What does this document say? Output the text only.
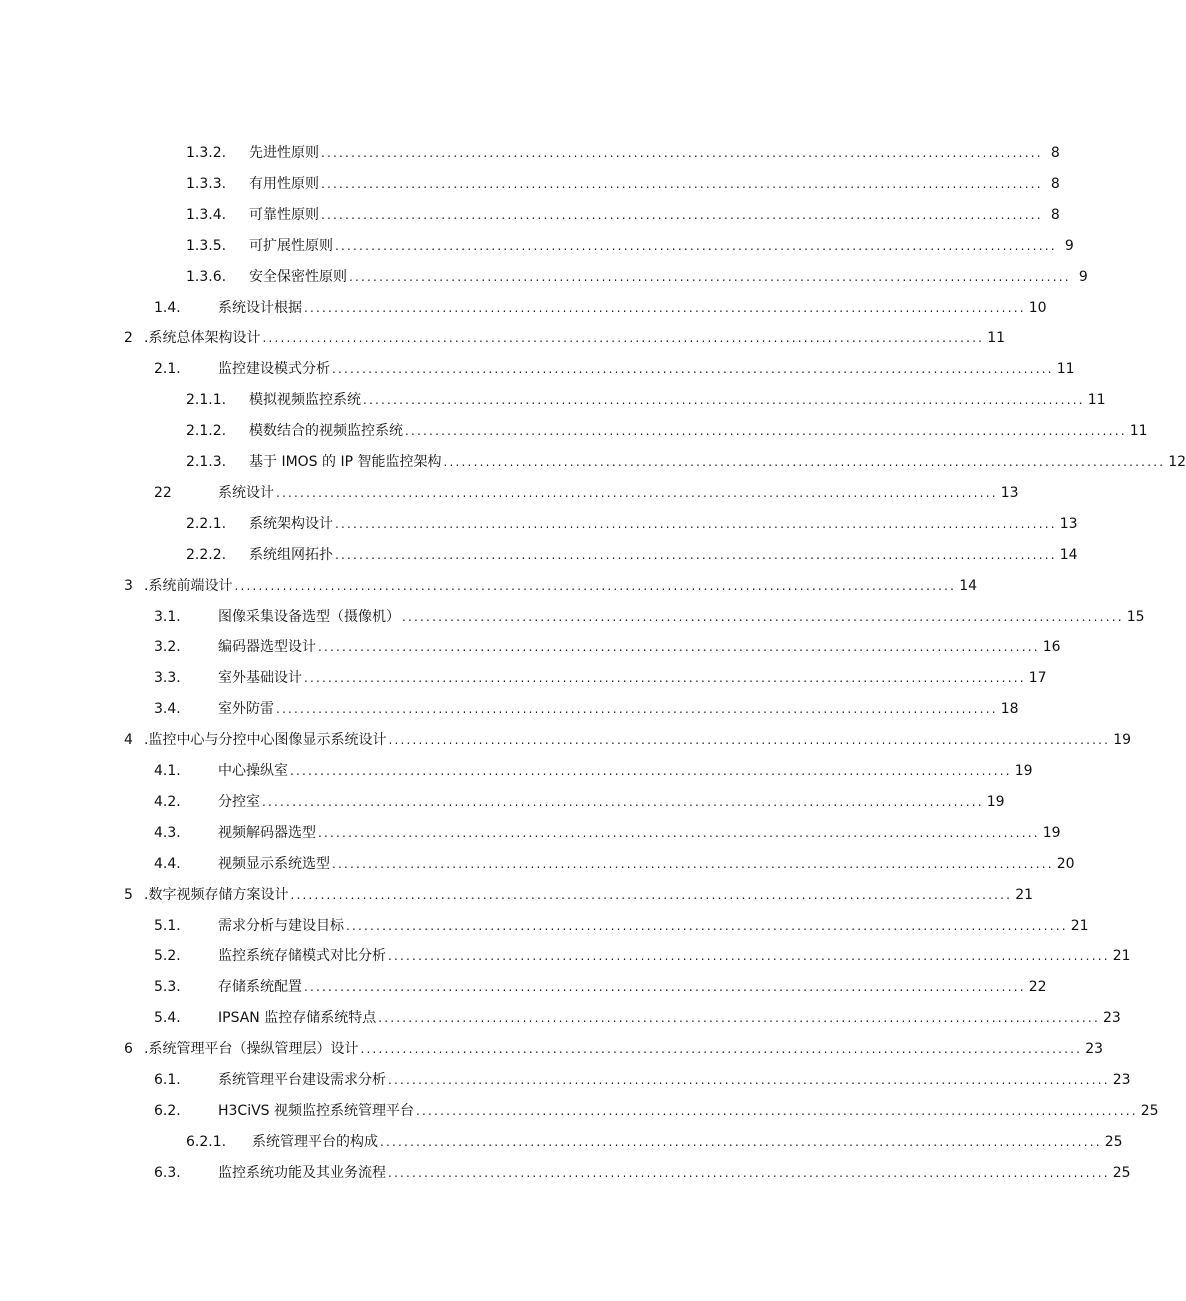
1.3.2. 先进性原则 ........................................................................................................................ 8
1.3.3. 有用性原则 ........................................................................................................................ 8
1.3.4. 可靠性原则 ........................................................................................................................ 8
1.3.5. 可扩展性原则 ........................................................................................................................ 9
1.3.6. 安全保密性原则 ........................................................................................................................ 9
1.4.	系统设计根据 ........................................................................................................................ 10
2 .系统总体架构设计 ........................................................................................................................ 11
2.1.	监控建设模式分析 ........................................................................................................................ 11
2.1.1. 模拟视频监控系统 ........................................................................................................................ 11
2.1.2. 模数结合的视频监控系统 ........................................................................................................................ 11
2.1.3. 基于 IMOS 的 IP 智能监控架构 ........................................................................................................................ 12
22	系统设计 ........................................................................................................................ 13
2.2.1. 系统架构设计 ........................................................................................................................ 13
2.2.2. 系统组网拓扑 ........................................................................................................................ 14
3 .系统前端设计 ........................................................................................................................ 14
3.1.	图像采集设备选型（摄像机） ........................................................................................................................ 15
3.2.	编码器选型设计 ........................................................................................................................ 16
3.3.	室外基础设计 ........................................................................................................................ 17
3.4.	室外防雷 ........................................................................................................................ 18
4 .监控中心与分控中心图像显示系统设计 ........................................................................................................................ 19
4.1.	中心操纵室 ........................................................................................................................ 19
4.2.	分控室 ........................................................................................................................ 19
4.3.	视频解码器选型 ........................................................................................................................ 19
4.4.	视频显示系统选型 ........................................................................................................................ 20
5 .数字视频存储方案设计 ........................................................................................................................ 21
5.1.	需求分析与建设目标 ........................................................................................................................ 21
5.2.	监控系统存储模式对比分析 ........................................................................................................................ 21
5.3.	存储系统配置 ........................................................................................................................ 22
5.4.	IPSAN 监控存储系统特点 ........................................................................................................................ 23
6 .系统管理平台（操纵管理层）设计 ........................................................................................................................ 23
6.1.	系统管理平台建设需求分析 ........................................................................................................................ 23
6.2.	H3CiVS 视频监控系统管理平台 ........................................................................................................................ 25
6.2.1. 系统管理平台的构成 ........................................................................................................................ 25
6.3.	监控系统功能及其业务流程 ........................................................................................................................ 25
